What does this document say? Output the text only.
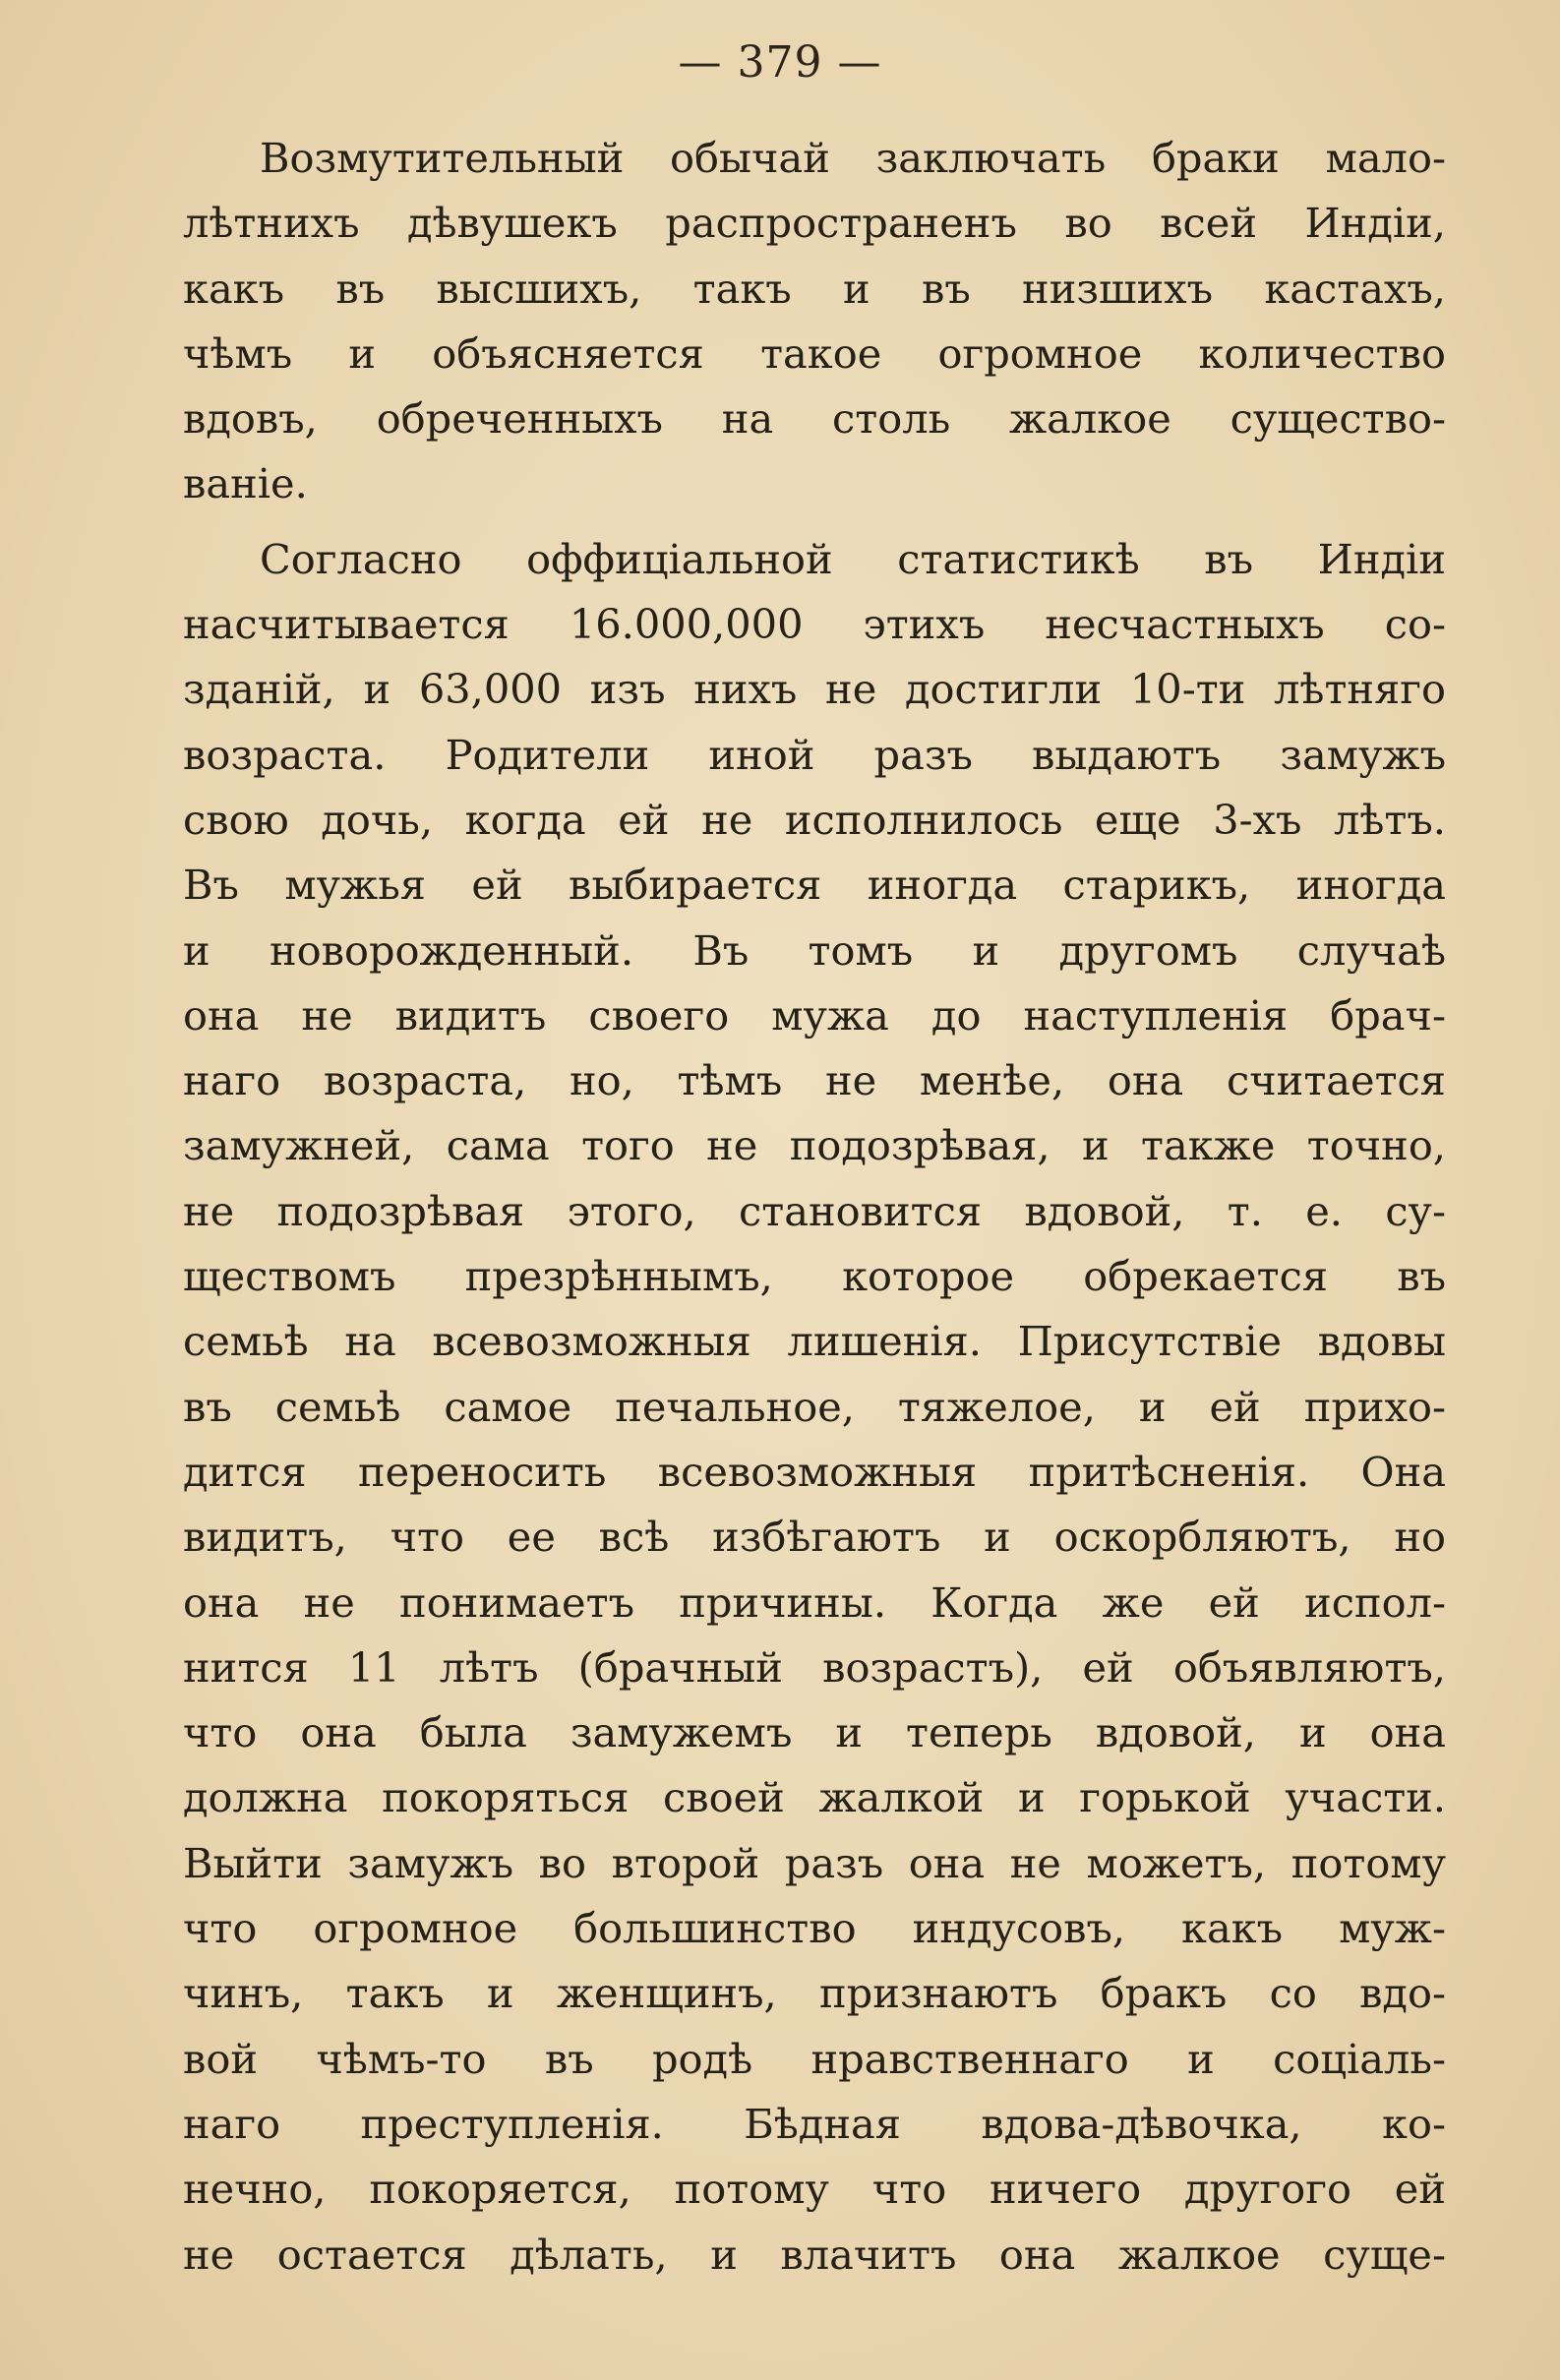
— 379 —
Возмутительный обычай заключать браки мало-
лѣтнихъ дѣвушекъ распространенъ во всей Индіи,
какъ въ высшихъ, такъ и въ низшихъ кастахъ,
чѣмъ и объясняется такое огромное количество
вдовъ, обреченныхъ на столь жалкое существо-
ваніе.
Согласно оффиціальной статистикѣ въ Индіи
насчитывается 16.000,000 этихъ несчастныхъ со-
зданій, и 63,000 изъ нихъ не достигли 10-ти лѣтняго
возраста. Родители иной разъ выдаютъ замужъ
свою дочь, когда ей не исполнилось еще 3-хъ лѣтъ.
Въ мужья ей выбирается иногда старикъ, иногда
и новорожденный. Въ томъ и другомъ случаѣ
она не видитъ своего мужа до наступленія брач-
наго возраста, но, тѣмъ не менѣе, она считается
замужней, сама того не подозрѣвая, и также точно,
не подозрѣвая этого, становится вдовой, т. е. су-
ществомъ презрѣннымъ, которое обрекается въ
семьѣ на всевозможныя лишенія. Присутствіе вдовы
въ семьѣ самое печальное, тяжелое, и ей прихо-
дится переносить всевозможныя притѣсненія. Она
видитъ, что ее всѣ избѣгаютъ и оскорбляютъ, но
она не понимаетъ причины. Когда же ей испол-
нится 11 лѣтъ (брачный возрастъ), ей объявляютъ,
что она была замужемъ и теперь вдовой, и она
должна покоряться своей жалкой и горькой участи.
Выйти замужъ во второй разъ она не можетъ, потому
что огромное большинство индусовъ, какъ муж-
чинъ, такъ и женщинъ, признаютъ бракъ со вдо-
вой чѣмъ-то въ родѣ нравственнаго и соціаль-
наго преступленія. Бѣдная вдова-дѣвочка, ко-
нечно, покоряется, потому что ничего другого ей
не остается дѣлать, и влачитъ она жалкое суще-
